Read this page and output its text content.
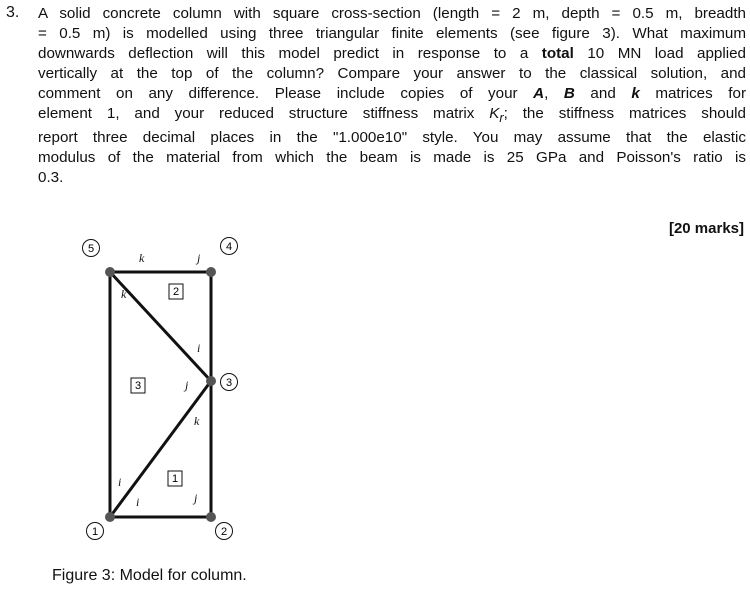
3. A solid concrete column with square cross-section (length = 2 m, depth = 0.5 m, breadth
= 0.5 m) is modelled using three triangular finite elements (see figure 3). What maximum
downwards deflection will this model predict in response to a total 10 MN load applied
vertically at the top of the column? Compare your answer to the classical solution, and
comment on any difference. Please include copies of your A, B and k matrices for
element 1, and your reduced structure stiffness matrix $K_r$; the stiffness matrices should
report three decimal places in the "1.000e10" style. You may assume that the elastic
modulus of the material from which the beam is made is 25 GPa and Poisson's ratio is
0.3.
[20 marks]
1	2
3
4
5
1
2
3
k	j
k
i
j
k
i
i	j
Figure 3: Model for column.
